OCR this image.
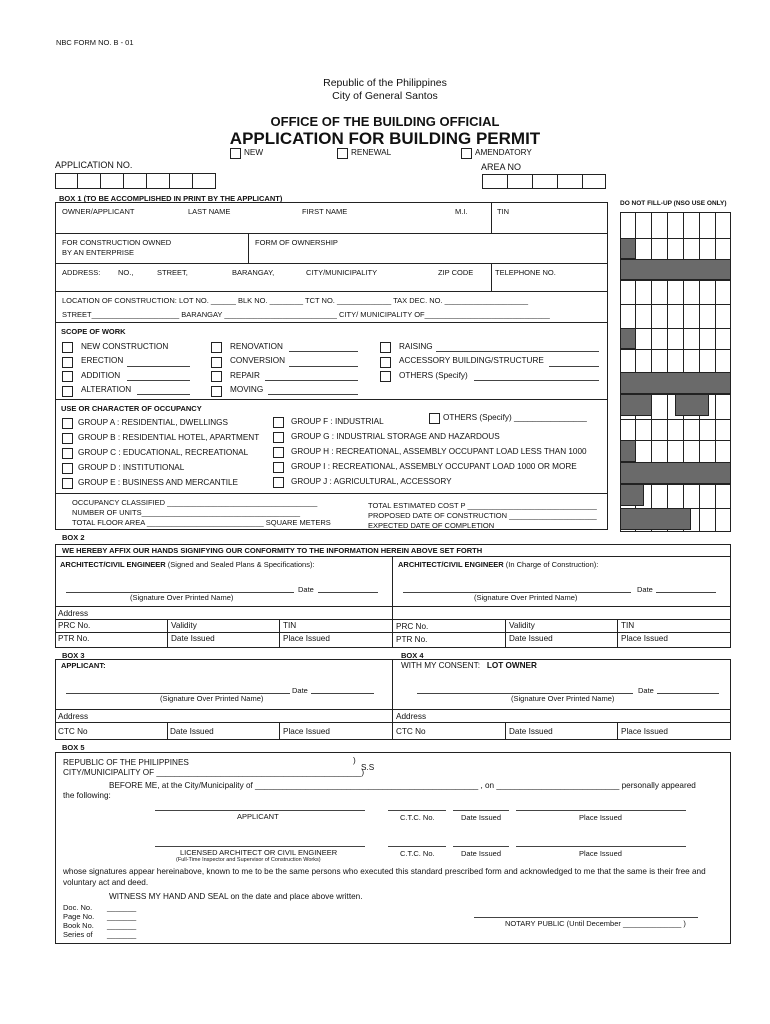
NBC FORM NO. B - 01
Republic of the Philippines
City of General Santos
OFFICE OF THE BUILDING OFFICIAL
APPLICATION FOR BUILDING PERMIT
NEW	RENEWAL	AMENDATORY
APPLICATION NO.	AREA NO
BOX 1 (TO BE ACCOMPLISHED IN PRINT BY THE APPLICANT)
OWNER/APPLICANT	LAST NAME	FIRST NAME	M.I.	TIN
FOR CONSTRUCTION OWNED
BY AN ENTERPRISE
FORM OF OWNERSHIP
ADDRESS: NO.,	STREET,	BARANGAY,	CITY/MUNICIPALITY	ZIP CODE	TELEPHONE NO.
LOCATION OF CONSTRUCTION: LOT NO. ______ BLK NO. ________ TCT NO. _____________ TAX DEC. NO. ____________________
STREET_____________________ BARANGAY ___________________________ CITY/ MUNICIPALITY OF______________________________
SCOPE OF WORK
NEW CONSTRUCTION
ERECTION
ADDITION
ALTERATION
RENOVATION
CONVERSION
REPAIR
MOVING
RAISING
ACCESSORY BUILDING/STRUCTURE
OTHERS (Specify)
USE OR CHARACTER OF OCCUPANCY
GROUP A : RESIDENTIAL, DWELLINGS
GROUP B : RESIDENTIAL HOTEL, APARTMENT
GROUP C : EDUCATIONAL, RECREATIONAL
GROUP D : INSTITUTIONAL
GROUP E : BUSINESS AND MERCANTILE
GROUP F : INDUSTRIAL
GROUP G : INDUSTRIAL STORAGE AND HAZARDOUS
GROUP H : RECREATIONAL, ASSEMBLY OCCUPANT LOAD LESS THAN 1000
GROUP I : RECREATIONAL, ASSEMBLY OCCUPANT LOAD 1000 OR MORE
GROUP J : AGRICULTURAL, ACCESSORY
OTHERS (Specify) ________________
OCCUPANCY CLASSIFIED ____________________________________
NUMBER OF UNITS______________________________________
TOTAL FLOOR AREA ____________________________ SQUARE METERS
TOTAL ESTIMATED COST P _______________________________
PROPOSED DATE OF CONSTRUCTION _____________________
EXPECTED DATE OF COMPLETION _______________________
DO NOT FILL-UP (NSO USE ONLY)
BOX 2
WE HEREBY AFFIX OUR HANDS SIGNIFYING OUR CONFORMITY TO THE INFORMATION HEREIN ABOVE SET FORTH
ARCHITECT/CIVIL ENGINEER (Signed and Sealed Plans & Specifications):	ARCHITECT/CIVIL ENGINEER (In Charge of Construction):
Date
(Signature Over Printed Name)
Date
(Signature Over Printed Name)
Address
PRC No.	Validity	TIN
PTR No.	Date Issued	Place Issued
PRC No.	Validity	TIN
PTR No.	Date Issued	Place Issued
BOX 3	BOX 4
APPLICANT:	WITH MY CONSENT: LOT OWNER
Date
(Signature Over Printed Name)
Date
(Signature Over Printed Name)
Address	Address
CTC No	Date Issued	Place Issued	CTC No	Date Issued	Place Issued
BOX 5
REPUBLIC OF THE PHILIPPINES
CITY/MUNICIPALITY OF _____________________________________________)
)
S.S
BEFORE ME, at the City/Municipality of _________________________________________________ , on ___________________________ personally appeared
the following:
APPLICANT	C.T.C. No.	Date Issued	Place Issued
LICENSED ARCHITECT OR CIVIL ENGINEER
(Full-Time Inspector and Supervisor of Construction Works)
C.T.C. No.	Date Issued	Place Issued
whose signatures appear hereinabove, known to me to be the same persons who executed this standard prescribed form and acknowledged to me that the same is their free and
voluntary act and deed.
WITNESS MY HAND AND SEAL on the date and place above written.
Doc. No. _______
Page No. _______
Book No. _______
Series of _______
NOTARY PUBLIC (Until December ______________ )
